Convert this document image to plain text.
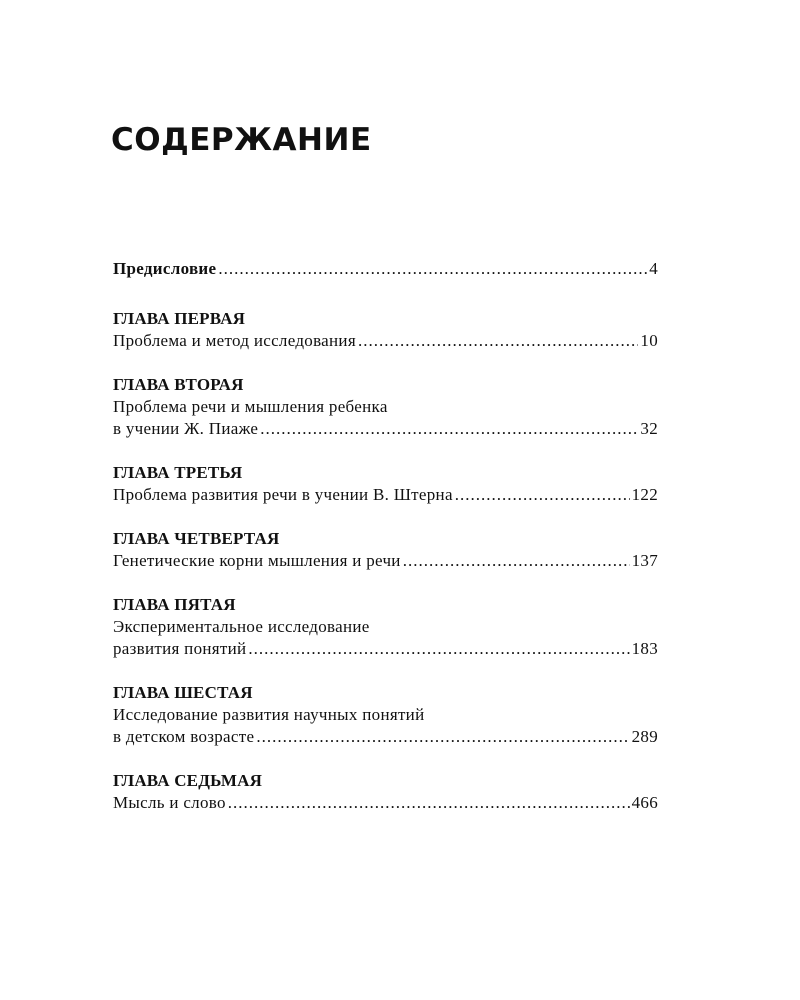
СОДЕРЖАНИЕ
Предисловие .....	4
ГЛАВА ПЕРВАЯ
Проблема и метод исследования .....	10
ГЛАВА ВТОРАЯ
Проблема речи и мышления ребенка
в учении Ж. Пиаже .....	32
ГЛАВА ТРЕТЬЯ
Проблема развития речи в учении В. Штерна .....	122
ГЛАВА ЧЕТВЕРТАЯ
Генетические корни мышления и речи .....	137
ГЛАВА ПЯТАЯ
Экспериментальное исследование
развития понятий .....	183
ГЛАВА ШЕСТАЯ
Исследование развития научных понятий
в детском возрасте .....	289
ГЛАВА СЕДЬМАЯ
Мысль и слово .....	466
